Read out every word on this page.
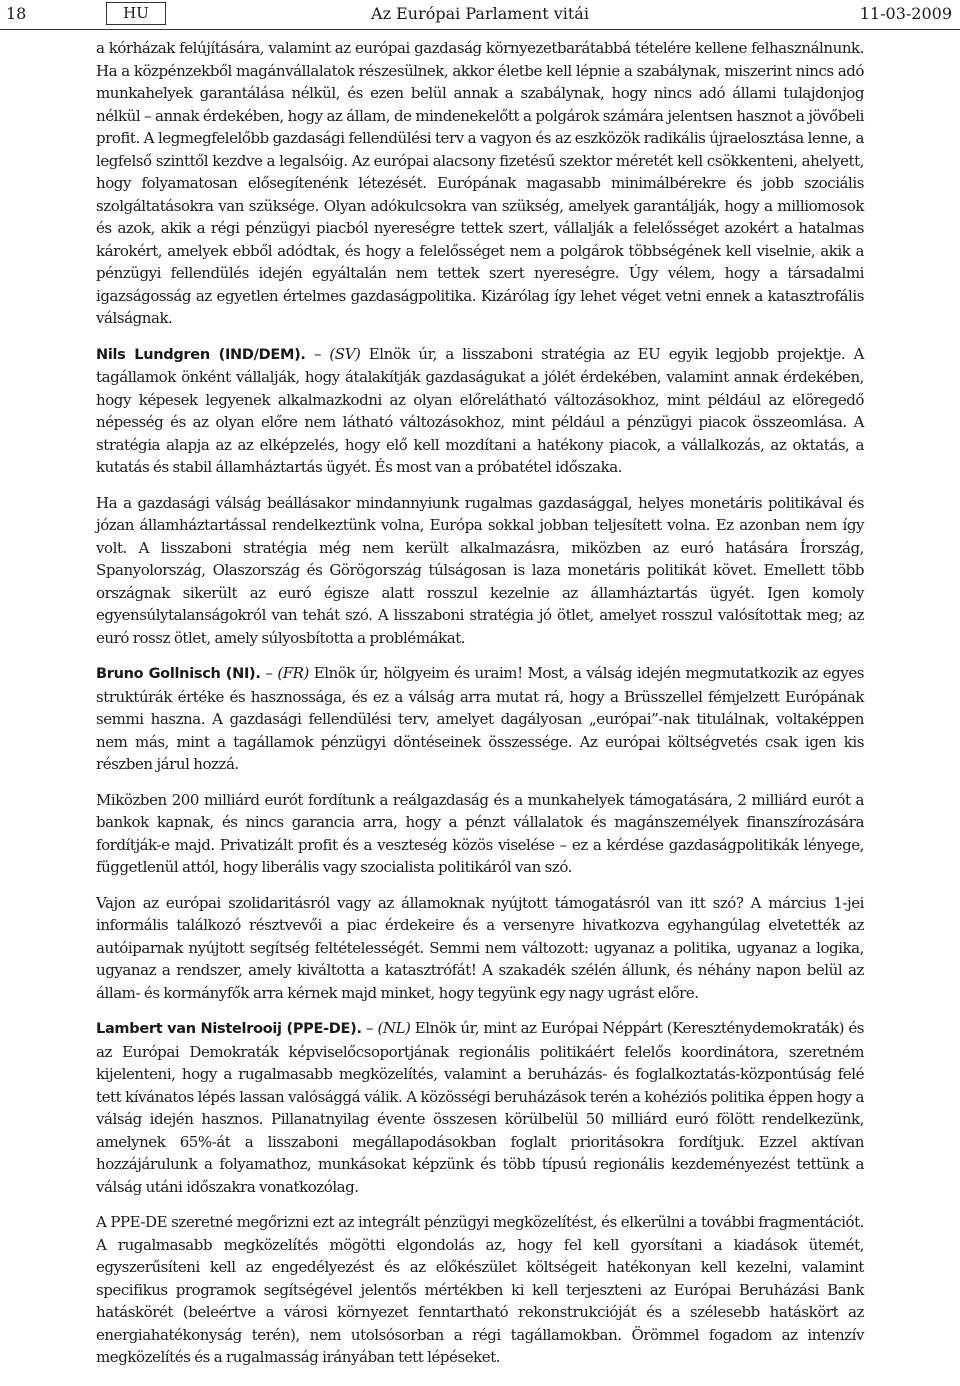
18	HU	Az Európai Parlament vitái	11-03-2009

a kórházak felújítására, valamint az európai gazdaság környezetbarátabbá tételére kellene felhasználnunk. Ha a közpénzekből magánvállalatok részesülnek, akkor életbe kell lépnie a szabálynak, miszerint nincs adó munkahelyek garantálása nélkül, és ezen belül annak a szabálynak, hogy nincs adó állami tulajdonjog nélkül – annak érdekében, hogy az állam, de mindenekelőtt a polgárok számára jelentsen hasznot a jövőbeli profit. A legmegfelelőbb gazdasági fellendülési terv a vagyon és az eszközök radikális újraelosztása lenne, a legfelső szinttől kezdve a legalsóig. Az európai alacsony fizetésű szektor méretét kell csökkenteni, ahelyett, hogy folyamatosan elősegítenénk létezését. Európának magasabb minimálbérekre és jobb szociális szolgáltatásokra van szüksége. Olyan adókulcsokra van szükség, amelyek garantálják, hogy a milliomosok és azok, akik a régi pénzügyi piacból nyereségre tettek szert, vállalják a felelősséget azokért a hatalmas károkért, amelyek ebből adódtak, és hogy a felelősséget nem a polgárok többségének kell viselnie, akik a pénzügyi fellendülés idején egyáltalán nem tettek szert nyereségre. Úgy vélem, hogy a társadalmi igazságosság az egyetlen értelmes gazdaságpolitika. Kizárólag így lehet véget vetni ennek a katasztrofális válságnak.

Nils Lundgren (IND/DEM). – (SV) Elnök úr, a lisszaboni stratégia az EU egyik legjobb projektje. A tagállamok önként vállalják, hogy átalakítják gazdaságukat a jólét érdekében, valamint annak érdekében, hogy képesek legyenek alkalmazkodni az olyan előrelátható változásokhoz, mint például az elöregedő népesség és az olyan előre nem látható változásokhoz, mint például a pénzügyi piacok összeomlása. A stratégia alapja az az elképzelés, hogy elő kell mozdítani a hatékony piacok, a vállalkozás, az oktatás, a kutatás és stabil államháztartás ügyét. És most van a próbatétel időszaka.

Ha a gazdasági válság beállásakor mindannyiunk rugalmas gazdasággal, helyes monetáris politikával és józan államháztartással rendelkeztünk volna, Európa sokkal jobban teljesített volna. Ez azonban nem így volt. A lisszaboni stratégia még nem került alkalmazásra, miközben az euró hatására Írország, Spanyolország, Olaszország és Görögország túlságosan is laza monetáris politikát követ. Emellett több országnak sikerült az euró égisze alatt rosszul kezelnie az államháztartás ügyét. Igen komoly egyensúlytalanságokról van tehát szó. A lisszaboni stratégia jó ötlet, amelyet rosszul valósítottak meg; az euró rossz ötlet, amely súlyosbította a problémákat.

Bruno Gollnisch (NI). – (FR) Elnök úr, hölgyeim és uraim! Most, a válság idején megmutatkozik az egyes struktúrák értéke és hasznossága, és ez a válság arra mutat rá, hogy a Brüsszellel fémjelzett Európának semmi haszna. A gazdasági fellendülési terv, amelyet dagályosan „európai”-nak titulálnak, voltaképpen nem más, mint a tagállamok pénzügyi döntéseinek összessége. Az európai költségvetés csak igen kis részben járul hozzá.

Miközben 200 milliárd eurót fordítunk a reálgazdaság és a munkahelyek támogatására, 2 milliárd eurót a bankok kapnak, és nincs garancia arra, hogy a pénzt vállalatok és magánszemélyek finanszírozására fordítják-e majd. Privatizált profit és a veszteség közös viselése – ez a kérdése gazdaságpolitikák lényege, függetlenül attól, hogy liberális vagy szocialista politikáról van szó.

Vajon az európai szolidaritásról vagy az államoknak nyújtott támogatásról van itt szó? A március 1-jei informális találkozó résztvevői a piac érdekeire és a versenyre hivatkozva egyhangúlag elvetették az autóiparnak nyújtott segítség feltételességét. Semmi nem változott: ugyanaz a politika, ugyanaz a logika, ugyanaz a rendszer, amely kiváltotta a katasztrófát! A szakadék szélén állunk, és néhány napon belül az állam- és kormányfők arra kérnek majd minket, hogy tegyünk egy nagy ugrást előre.

Lambert van Nistelrooij (PPE-DE). – (NL) Elnök úr, mint az Európai Néppárt (Kereszténydemokraták) és az Európai Demokraták képviselőcsoportjának regionális politikáért felelős koordinátora, szeretném kijelenteni, hogy a rugalmasabb megközelítés, valamint a beruházás- és foglalkoztatás-központúság felé tett kívánatos lépés lassan valósággá válik. A közösségi beruházások terén a kohéziós politika éppen hogy a válság idején hasznos. Pillanatnyilag évente összesen körülbelül 50 milliárd euró fölött rendelkezünk, amelynek 65%-át a lisszaboni megállapodásokban foglalt prioritásokra fordítjuk. Ezzel aktívan hozzájárulunk a folyamathoz, munkásokat képzünk és több típusú regionális kezdeményezést tettünk a válság utáni időszakra vonatkozólag.

A PPE-DE szeretné megőrizni ezt az integrált pénzügyi megközelítést, és elkerülni a további fragmentációt. A rugalmasabb megközelítés mögötti elgondolás az, hogy fel kell gyorsítani a kiadások ütemét, egyszerűsíteni kell az engedélyezést és az előkészület költségeit hatékonyan kell kezelni, valamint specifikus programok segítségével jelentős mértékben ki kell terjeszteni az Európai Beruházási Bank hatáskörét (beleértve a városi környezet fenntartható rekonstrukcióját és a szélesebb hatáskört az energiahatékonyság terén), nem utolsósorban a régi tagállamokban. Örömmel fogadom az intenzív megközelítés és a rugalmasság irányában tett lépéseket.
